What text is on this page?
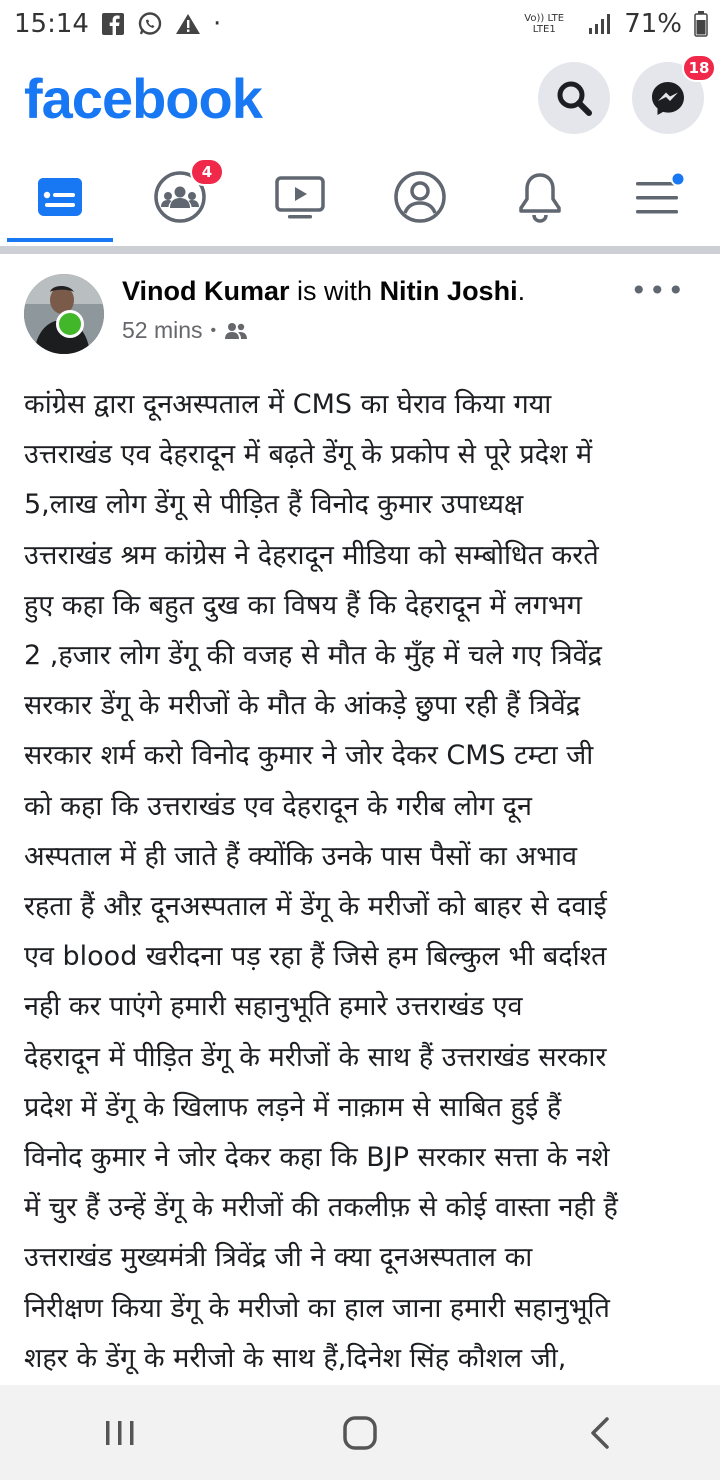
15:14	·	Vo)) LTE LTE1	71%
facebook	18
4
Vinod Kumar is with Nitin Joshi.
52 mins •
•••
कांग्रेस द्वारा दूनअस्पताल में CMS का घेराव किया गया
उत्तराखंड एव देहरादून में बढ़ते डेंगू के प्रकोप से पूरे प्रदेश में
5,लाख लोग डेंगू से पीड़ित हैं विनोद कुमार उपाध्यक्ष
उत्तराखंड श्रम कांग्रेस ने देहरादून मीडिया को सम्बोधित करते
हुए कहा कि बहुत दुख का विषय हैं कि देहरादून में लगभग
2 ,हजार लोग डेंगू की वजह से मौत के मुँह में चले गए त्रिवेंद्र
सरकार डेंगू के मरीजों के मौत के आंकड़े छुपा रही हैं त्रिवेंद्र
सरकार शर्म करो विनोद कुमार ने जोर देकर CMS टम्टा जी
को कहा कि उत्तराखंड एव देहरादून के गरीब लोग दून
अस्पताल में ही जाते हैं क्योंकि उनके पास पैसों का अभाव
रहता हैं औऱ दूनअस्पताल में डेंगू के मरीजों को बाहर से दवाई
एव blood खरीदना पड़ रहा हैं जिसे हम बिल्कुल भी बर्दाश्त
नही कर पाएंगे हमारी सहानुभूति हमारे उत्तराखंड एव
देहरादून में पीड़ित डेंगू के मरीजों के साथ हैं उत्तराखंड सरकार
प्रदेश में डेंगू के खिलाफ लड़ने में नाक़ाम से साबित हुई हैं
विनोद कुमार ने जोर देकर कहा कि BJP सरकार सत्ता के नशे
में चुर हैं उन्हें डेंगू के मरीजों की तकलीफ़ से कोई वास्ता नही हैं
उत्तराखंड मुख्यमंत्री त्रिवेंद्र जी ने क्या दूनअस्पताल का
निरीक्षण किया डेंगू के मरीजो का हाल जाना हमारी सहानुभूति
शहर के डेंगू के मरीजो के साथ हैं,दिनेश सिंह कौशल जी,
